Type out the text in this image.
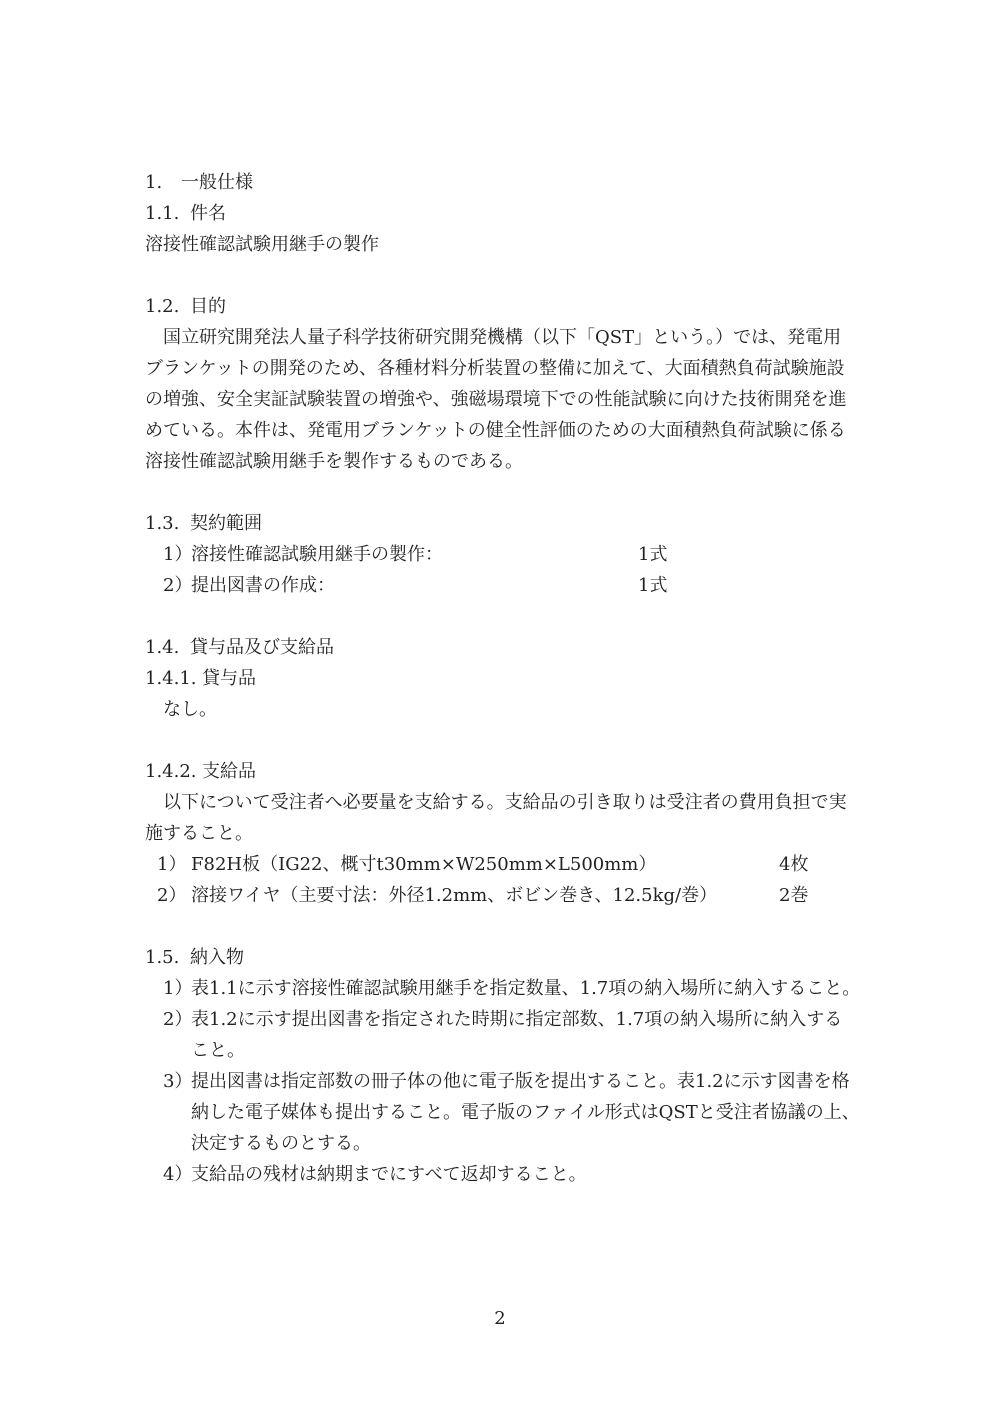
1. 一般仕様
1.1. 件名
溶接性確認試験用継手の製作
1.2. 目的
国立研究開発法人量子科学技術研究開発機構（以下「QST」という。）では、発電用
ブランケットの開発のため、各種材料分析装置の整備に加えて、大面積熱負荷試験施設
の増強、安全実証試験装置の増強や、強磁場環境下での性能試験に向けた技術開発を進
めている。本件は、発電用ブランケットの健全性評価のための大面積熱負荷試験に係る
溶接性確認試験用継手を製作するものである。
1.3. 契約範囲
1）溶接性確認試験用継手の製作：	1式
2）提出図書の作成：	1式
1.4. 貸与品及び支給品
1.4.1. 貸与品
なし。
1.4.2. 支給品
以下について受注者へ必要量を支給する。支給品の引き取りは受注者の費用負担で実
施すること。
1） F82H板（IG22、概寸t30mm×W250mm×L500mm）	4枚
2） 溶接ワイヤ（主要寸法：外径1.2mm、ボビン巻き、12.5kg/巻）	2巻
1.5. 納入物
1）表1.1に示す溶接性確認試験用継手を指定数量、1.7項の納入場所に納入すること。
2）表1.2に示す提出図書を指定された時期に指定部数、1.7項の納入場所に納入する
こと。
3）提出図書は指定部数の冊子体の他に電子版を提出すること。表1.2に示す図書を格
納した電子媒体も提出すること。電子版のファイル形式はQSTと受注者協議の上、
決定するものとする。
4）支給品の残材は納期までにすべて返却すること。
2
